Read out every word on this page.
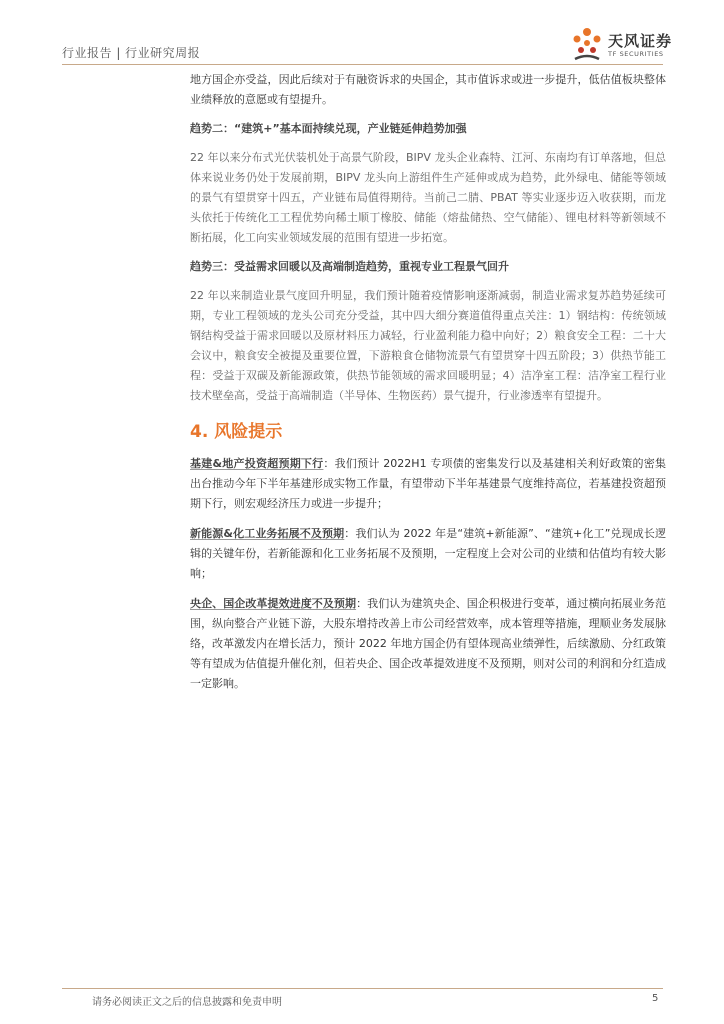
行业报告 | 行业研究周报
天风证券
TF SECURITIES

地方国企亦受益，因此后续对于有融资诉求的央国企，其市值诉求或进一步提升，低估值板块整体业绩释放的意愿或有望提升。

趋势二：“建筑+”基本面持续兑现，产业链延伸趋势加强

22 年以来分布式光伏装机处于高景气阶段，BIPV 龙头企业森特、江河、东南均有订单落地，但总体来说业务仍处于发展前期，BIPV 龙头向上游组件生产延伸或成为趋势，此外绿电、储能等领域的景气有望贯穿十四五，产业链布局值得期待。当前己二腈、PBAT 等实业逐步迈入收获期，而龙头依托于传统化工工程优势向稀土顺丁橡胶、储能（熔盐储热、空气储能）、锂电材料等新领域不断拓展，化工向实业领域发展的范围有望进一步拓宽。

趋势三：受益需求回暖以及高端制造趋势，重视专业工程景气回升

22 年以来制造业景气度回升明显，我们预计随着疫情影响逐渐减弱，制造业需求复苏趋势延续可期，专业工程领域的龙头公司充分受益，其中四大细分赛道值得重点关注：1）钢结构：传统领域钢结构受益于需求回暖以及原材料压力减轻，行业盈利能力稳中向好；2）粮食安全工程：二十大会议中，粮食安全被提及重要位置，下游粮食仓储物流景气有望贯穿十四五阶段；3）供热节能工程：受益于双碳及新能源政策，供热节能领域的需求回暖明显；4）洁净室工程：洁净室工程行业技术壁垒高，受益于高端制造（半导体、生物医药）景气提升，行业渗透率有望提升。

4. 风险提示

基建&地产投资超预期下行：我们预计 2022H1 专项债的密集发行以及基建相关利好政策的密集出台推动今年下半年基建形成实物工作量，有望带动下半年基建景气度维持高位，若基建投资超预期下行，则宏观经济压力或进一步提升；

新能源&化工业务拓展不及预期：我们认为 2022 年是“建筑+新能源”、“建筑+化工”兑现成长逻辑的关键年份，若新能源和化工业务拓展不及预期，一定程度上会对公司的业绩和估值均有较大影响；

央企、国企改革提效进度不及预期：我们认为建筑央企、国企积极进行变革，通过横向拓展业务范围，纵向整合产业链下游，大股东增持改善上市公司经营效率，成本管理等措施，理顺业务发展脉络，改革激发内在增长活力，预计 2022 年地方国企仍有望体现高业绩弹性，后续激励、分红政策等有望成为估值提升催化剂，但若央企、国企改革提效进度不及预期，则对公司的利润和分红造成一定影响。

请务必阅读正文之后的信息披露和免责申明	5
